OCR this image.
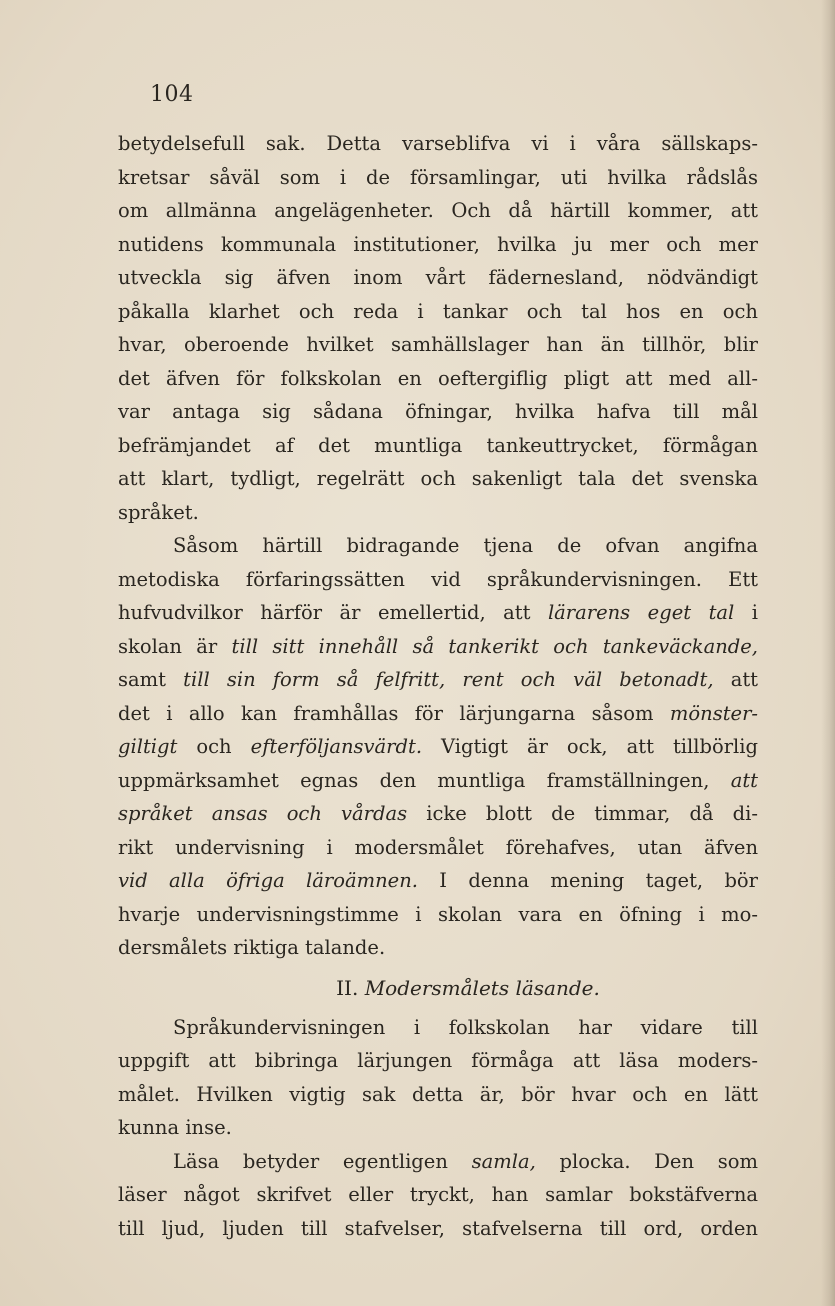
104
betydelsefull sak. Detta varseblifva vi i våra sällskaps-
kretsar såväl som i de församlingar, uti hvilka rådslås
om allmänna angelägenheter. Och då härtill kommer, att
nutidens kommunala institutioner, hvilka ju mer och mer
utveckla sig äfven inom vårt fädernesland, nödvändigt
påkalla klarhet och reda i tankar och tal hos en och
hvar, oberoende hvilket samhällslager han än tillhör, blir
det äfven för folkskolan en oeftergiflig pligt att med all-
var antaga sig sådana öfningar, hvilka hafva till mål
befrämjandet af det muntliga tankeuttrycket, förmågan
att klart, tydligt, regelrätt och sakenligt tala det svenska
språket.
Såsom härtill bidragande tjena de ofvan angifna
metodiska förfaringssätten vid språkundervisningen. Ett
hufvudvilkor härför är emellertid, att lärarens eget tal i
skolan är till sitt innehåll så tankerikt och tankeväckande,
samt till sin form så felfritt, rent och väl betonadt, att
det i allo kan framhållas för lärjungarna såsom mönster-
giltigt och efterföljansvärdt. Vigtigt är ock, att tillbörlig
uppmärksamhet egnas den muntliga framställningen, att
språket ansas och vårdas icke blott de timmar, då di-
rikt undervisning i modersmålet förehafves, utan äfven
vid alla öfriga läroämnen. I denna mening taget, bör
hvarje undervisningstimme i skolan vara en öfning i mo-
dersmålets riktiga talande.
II. Modersmålets läsande.
Språkundervisningen i folkskolan har vidare till
uppgift att bibringa lärjungen förmåga att läsa moders-
målet. Hvilken vigtig sak detta är, bör hvar och en lätt
kunna inse.
Läsa betyder egentligen samla, plocka. Den som
läser något skrifvet eller tryckt, han samlar bokstäfverna
till ljud, ljuden till stafvelser, stafvelserna till ord, orden
